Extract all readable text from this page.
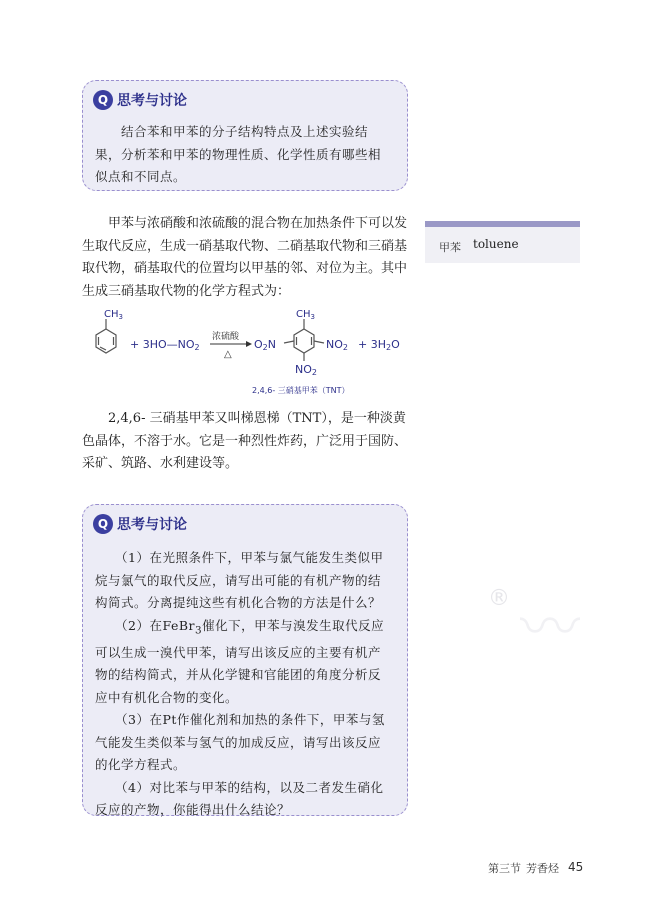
〰
®
Q 思考与讨论
结合苯和甲苯的分子结构特点及上述实验结果，分析苯和甲苯的物理性质、化学性质有哪些相似点和不同点。
甲苯 toluene
甲苯与浓硝酸和浓硫酸的混合物在加热条件下可以发生取代反应，生成一硝基取代物、二硝基取代物和三硝基取代物，硝基取代的位置均以甲基的邻、对位为主。其中生成三硝基取代物的化学方程式为：
$CH_3$
+ 3HO—NO2
浓硫酸
△
O2N
$CH_3$
NO2
NO2
+ 3H2O
2,4,6- 三硝基甲苯（TNT）
2,4,6- 三硝基甲苯又叫梯恩梯（TNT），是一种淡黄色晶体，不溶于水。它是一种烈性炸药，广泛用于国防、采矿、筑路、水利建设等。
Q 思考与讨论
（1）在光照条件下，甲苯与氯气能发生类似甲烷与氯气的取代反应，请写出可能的有机产物的结构简式。分离提纯这些有机化合物的方法是什么？
（2）在FeBr$_3$催化下，甲苯与溴发生取代反应可以生成一溴代甲苯，请写出该反应的主要有机产物的结构简式，并从化学键和官能团的角度分析反应中有机化合物的变化。
（3）在Pt作催化剂和加热的条件下，甲苯与氢气能发生类似苯与氢气的加成反应，请写出该反应的化学方程式。
（4）对比苯与甲苯的结构，以及二者发生硝化反应的产物，你能得出什么结论？
第三节 芳香烃 45
